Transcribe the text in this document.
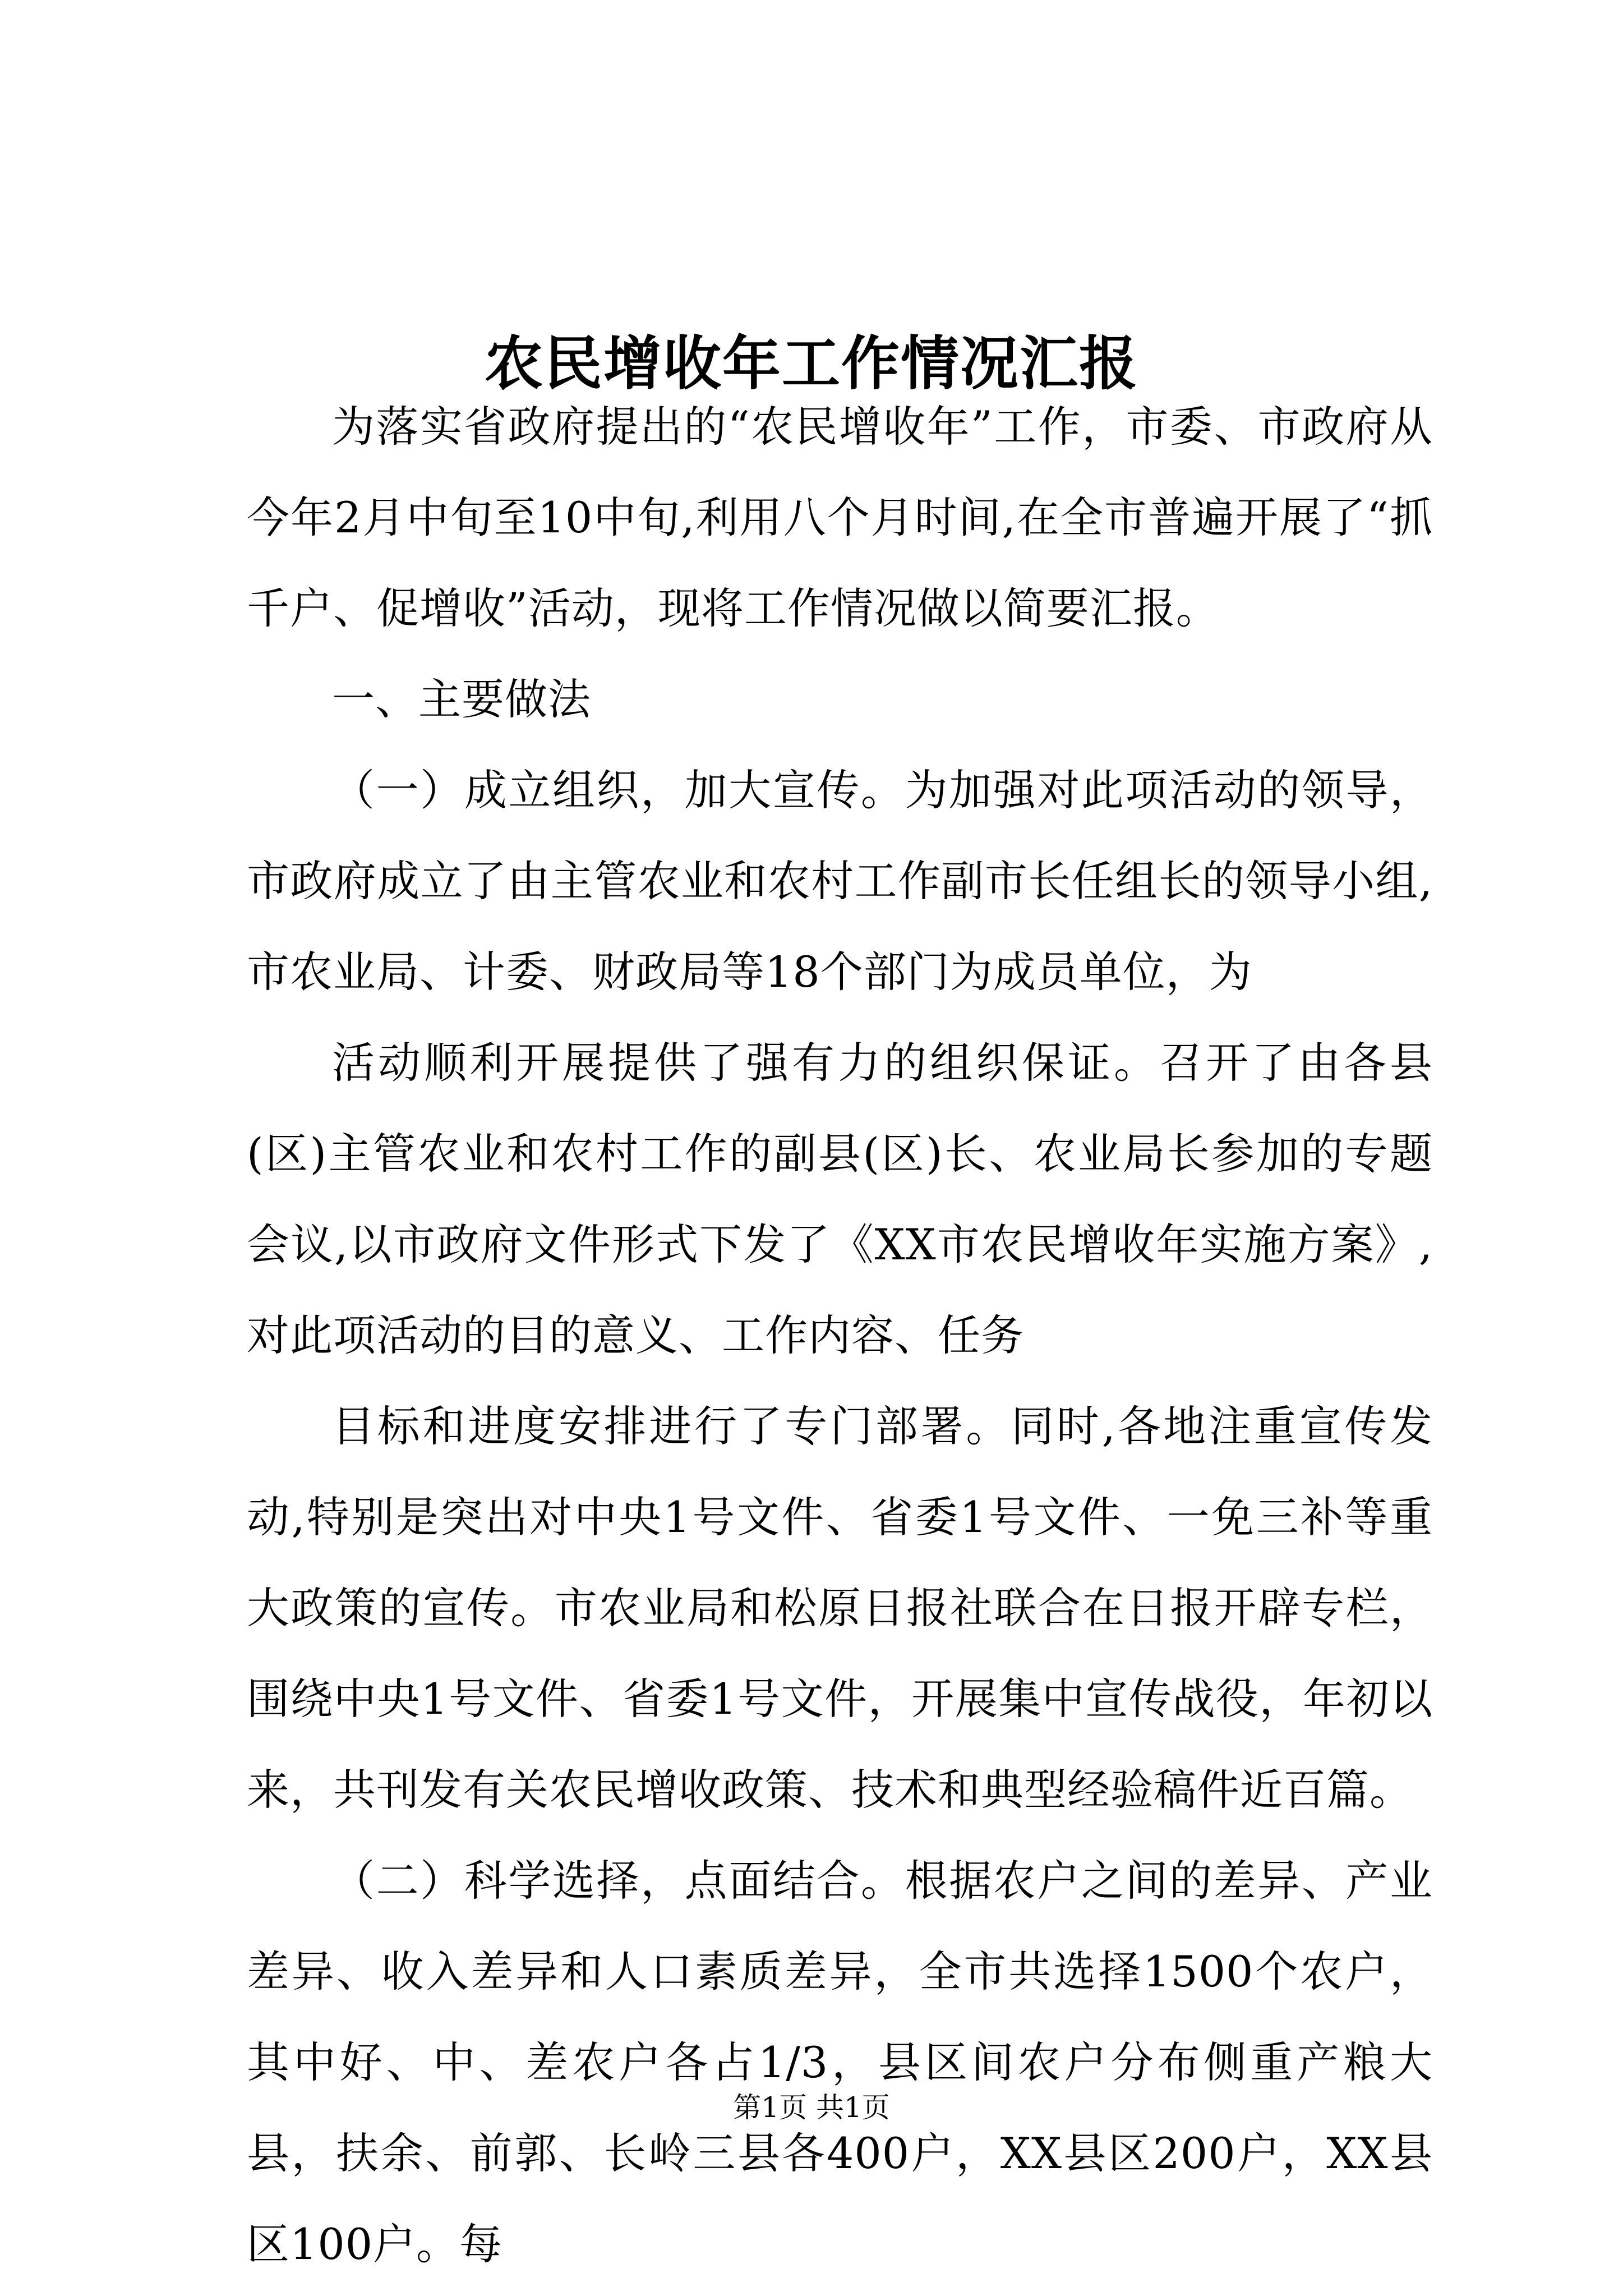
农民增收年工作情况汇报

为落实省政府提出的“农民增收年”工作，市委、市政府从今年2月中旬至10中旬,利用八个月时间,在全市普遍开展了“抓千户、促增收”活动，现将工作情况做以简要汇报。

一、主要做法

（一）成立组织，加大宣传。为加强对此项活动的领导，市政府成立了由主管农业和农村工作副市长任组长的领导小组,市农业局、计委、财政局等18个部门为成员单位，为

活动顺利开展提供了强有力的组织保证。召开了由各县(区)主管农业和农村工作的副县(区)长、农业局长参加的专题会议,以市政府文件形式下发了《XX市农民增收年实施方案》,对此项活动的目的意义、工作内容、任务

目标和进度安排进行了专门部署。同时,各地注重宣传发动,特别是突出对中央1号文件、省委1号文件、一免三补等重大政策的宣传。市农业局和松原日报社联合在日报开辟专栏，围绕中央1号文件、省委1号文件，开展集中宣传战役，年初以来，共刊发有关农民增收政策、技术和典型经验稿件近百篇。

（二）科学选择，点面结合。根据农户之间的差异、产业差异、收入差异和人口素质差异，全市共选择1500个农户，其中好、中、差农户各占1/3，县区间农户分布侧重产粮大县，扶余、前郭、长岭三县各400户，XX县区200户，XX县区100户。每

第1页 共1页
